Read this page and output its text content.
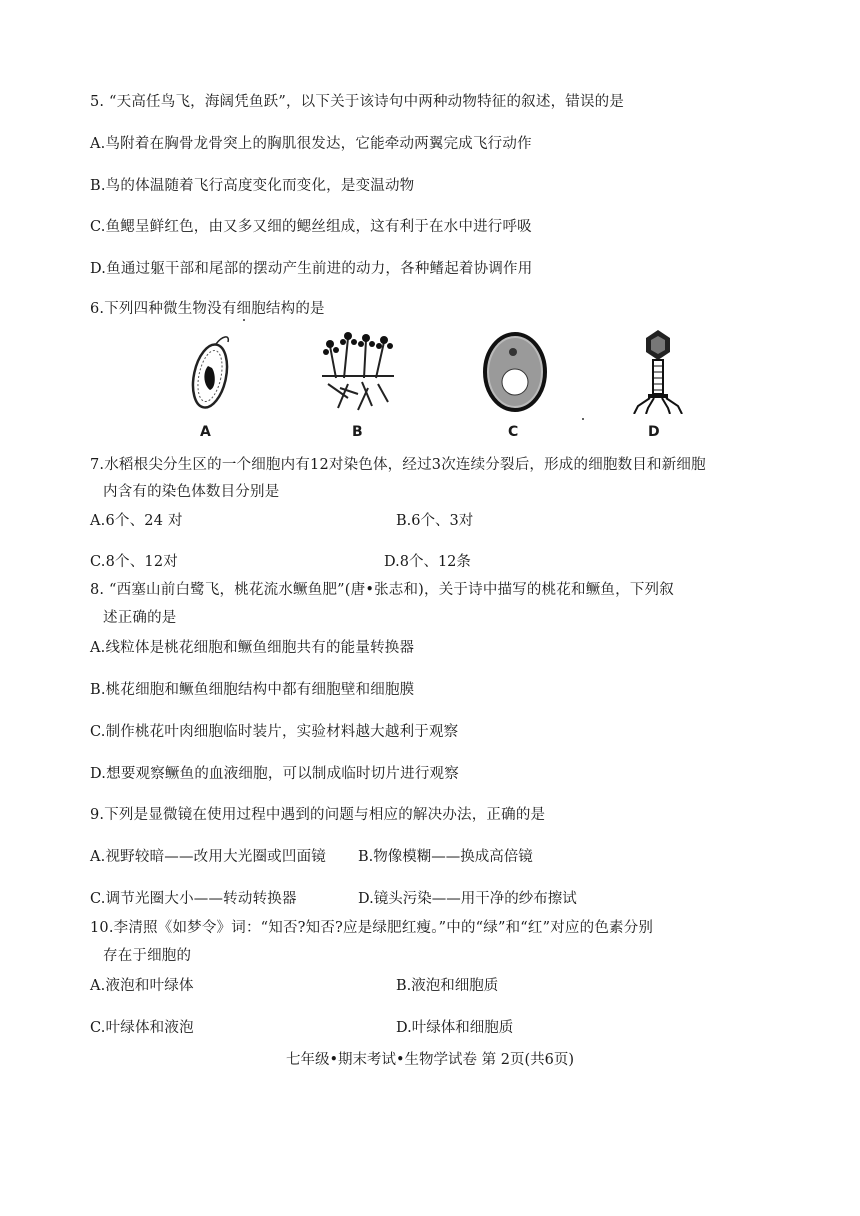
5. “天高任鸟飞，海阔凭鱼跃”，以下关于该诗句中两种动物特征的叙述，错误的是
A.鸟附着在胸骨龙骨突上的胸肌很发达，它能牵动两翼完成飞行动作
B.鸟的体温随着飞行高度变化而变化，是变温动物
C.鱼鳃呈鲜红色，由又多又细的鳃丝组成，这有利于在水中进行呼吸
D.鱼通过躯干部和尾部的摆动产生前进的动力，各种鳍起着协调作用
6.下列四种微生物没有细胞结构的是
A	B	C	D
7.水稻根尖分生区的一个细胞内有12对染色体，经过3次连续分裂后，形成的细胞数目和新细胞
内含有的染色体数目分别是
A.6个、24 对	B.6个、3对
C.8个、12对	D.8个、12条
8. “西塞山前白鹭飞，桃花流水鳜鱼肥”(唐•张志和)，关于诗中描写的桃花和鳜鱼，下列叙
述正确的是
A.线粒体是桃花细胞和鳜鱼细胞共有的能量转换器
B.桃花细胞和鳜鱼细胞结构中都有细胞壁和细胞膜
C.制作桃花叶肉细胞临时装片，实验材料越大越利于观察
D.想要观察鳜鱼的血液细胞，可以制成临时切片进行观察
9.下列是显微镜在使用过程中遇到的问题与相应的解决办法，正确的是
A.视野较暗——改用大光圈或凹面镜 B.物像模糊——换成高倍镜
C.调节光圈大小——转动转换器	D.镜头污染——用干净的纱布擦试
10.李清照《如梦令》词：“知否?知否?应是绿肥红瘦。”中的“绿”和“红”对应的色素分别
存在于细胞的
A.液泡和叶绿体	B.液泡和细胞质
C.叶绿体和液泡	D.叶绿体和细胞质
七年级•期末考试•生物学试卷 第 2页(共6页)
